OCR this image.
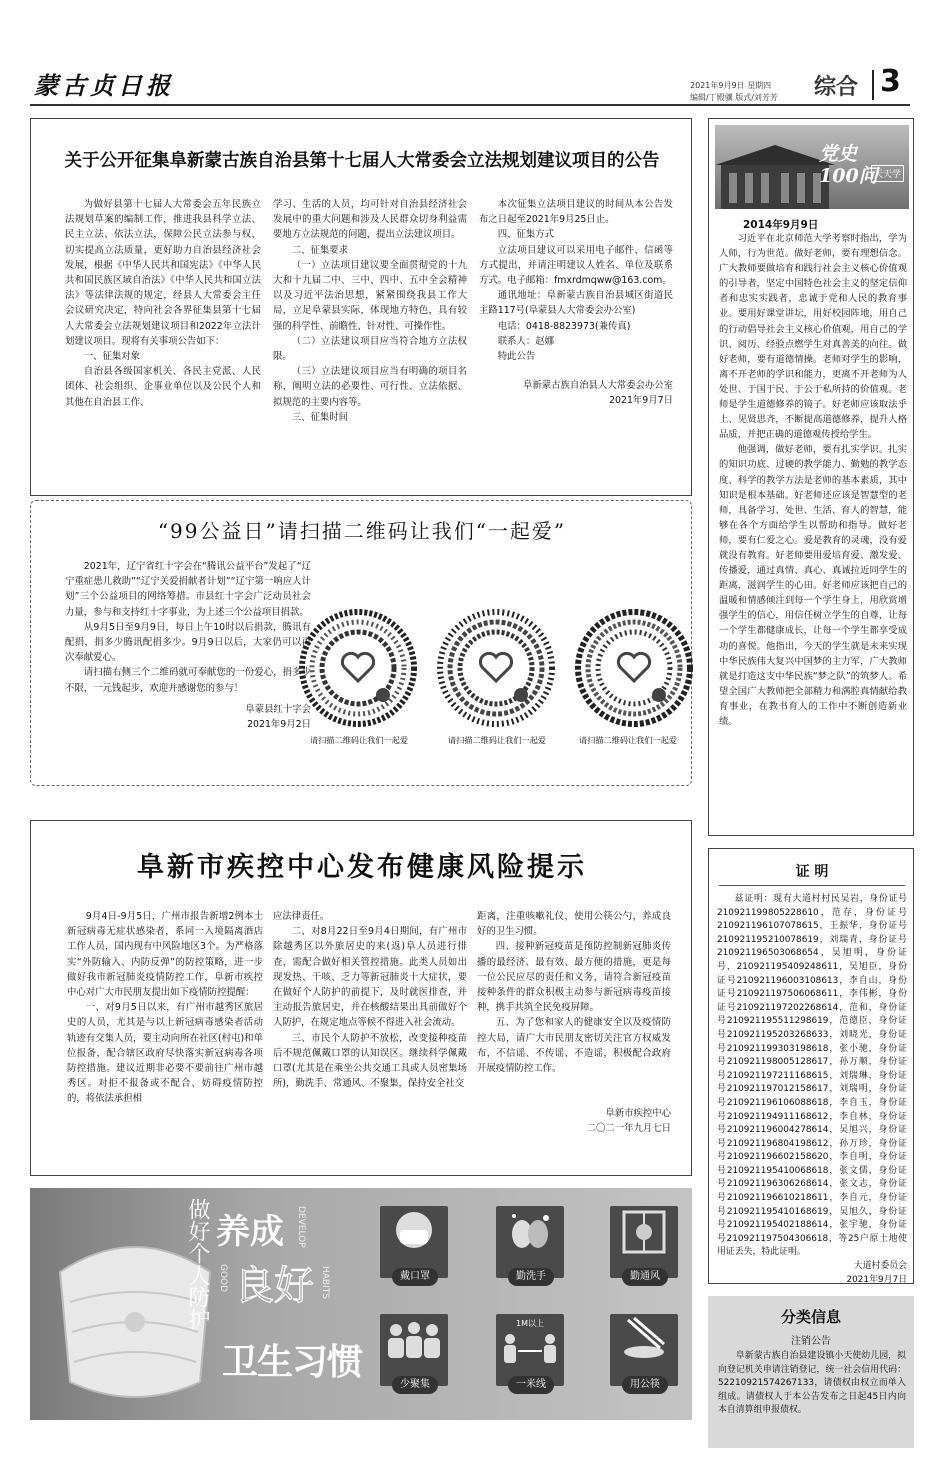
蒙古贞日报	2021年9月9日 星期四
编辑/丁殿骧 版式/刘芳芳 综合 3
关于公开征集阜新蒙古族自治县第十七届人大常委会立法规划建议项目的公告

为做好县第十七届人大常委会五年民族立法规划草案的编制工作，推进我县科学立法、民主立法、依法立法，保障公民立法参与权，切实提高立法质量，更好助力自治县经济社会发展，根据《中华人民共和国宪法》《中华人民共和国民族区域自治法》《中华人民共和国立法法》等法律法规的规定，经县人大常委会主任会议研究决定，特向社会各界征集县第十七届人大常委会立法规划建议项目和2022年立法计划建议项目。现将有关事项公告如下：

一、征集对象

自治县各级国家机关、各民主党派、人民团体、社会组织、企事业单位以及公民个人和其他在自治县工作、

学习、生活的人员，均可针对自治县经济社会发展中的重大问题和涉及人民群众切身利益需要地方立法规范的问题，提出立法建议项目。

二、征集要求

（一）立法项目建议要全面贯彻党的十九大和十九届二中、三中、四中、五中全会精神以及习近平法治思想，紧紧围绕我县工作大局，立足阜蒙县实际，体现地方特色，具有较强的科学性、前瞻性、针对性、可操作性。

（二）立法建议项目应当符合地方立法权限。

（三）立法建议项目应当有明确的项目名称，阐明立法的必要性、可行性、立法依据、拟规范的主要内容等。

三、征集时间

本次征集立法项目建议的时间从本公告发布之日起至2021年9月25日止。

四、征集方式

立法项目建议可以采用电子邮件、信函等方式提出，并请注明建议人姓名、单位及联系方式。电子邮箱：fmxrdmqww@163.com。

通讯地址：阜新蒙古族自治县城区街道民主路117号(阜蒙县人大常委会办公室)

电话：0418-8823973(兼传真)

联系人：赵娜

特此公告

阜新蒙古族自治县人大常委会办公室

2021年9月7日

“99公益日”请扫描二维码让我们“一起爱”

2021年，辽宁省红十字会在“腾讯公益平台”发起了“辽宁重症患儿救助”“辽宁关爱捐献者计划”“辽宁第一响应人计划”三个公益项目的网络筹措。市县红十字会广泛动员社会力量，参与和支持红十字事业，为上述三个公益项目捐款。

从9月5日至9月9日，每日上午10时以后捐款，腾讯有配捐，捐多少腾讯配捐多少。9月9日以后，大家仍可以再次奉献爱心。

请扫描右侧三个二维码就可奉献您的一份爱心，捐多少不限，一元钱起步，欢迎并感谢您的参与！

阜蒙县红十字会

2021年9月2日

请扫描二维码让我们一起爱	请扫描二维码让我们一起爱	请扫描二维码让我们一起爱
阜新市疾控中心发布健康风险提示

9月4日-9月5日，广州市报告新增2例本土新冠病毒无症状感染者，系同一入境隔离酒店工作人员，国内现有中风险地区3个。为严格落实“外防输入、内防反弹”的防控策略，进一步做好我市新冠肺炎疫情防控工作，阜新市疾控中心对广大市民朋友提出如下疫情防控提醒：

一、对9月5日以来，有广州市越秀区旅居史的人员，尤其是与以上新冠病毒感染者活动轨迹有交集人员，要主动向所在社区(村屯)和单位报备，配合辖区政府尽快落实新冠病毒各项防控措施。建议近期非必要不要前往广州市越秀区。对拒不报备或不配合、妨碍疫情防控的，将依法承担相

应法律责任。

二、对8月22日至9月4日期间，有广州市除越秀区以外旅居史的来(返)阜人员进行排查，需配合做好相关管控措施。此类人员如出现发热、干咳、乏力等新冠肺炎十大症状，要在做好个人防护的前提下，及时就医排查，并主动报告旅居史，并在核酸结果出具前做好个人防护，在规定地点等候不得进入社会流动。

三、市民个人防护不放松，改变接种疫苗后不规范佩戴口罩的认知误区。继续科学佩戴口罩(尤其是在乘坐公共交通工具或人员密集场所)，勤洗手、常通风、不聚集，保持安全社交

距离，注重咳嗽礼仪，使用公筷公勺，养成良好的卫生习惯。

四、接种新冠疫苗是预防控制新冠肺炎传播的最经济、最有效、最方便的措施，更是每一位公民应尽的责任和义务，请符合新冠疫苗接种条件的群众积极主动参与新冠病毒疫苗接种，携手共筑全民免疫屏障。

五、为了您和家人的健康安全以及疫情防控大局，请广大市民朋友密切关注官方权威发布，不信谣、不传谣、不造谣，积极配合政府开展疫情防控工作。

阜新市疾控中心

二〇二一年九月七日

做好个人防护 养成 DEVELOP
GOOD 良好 HABITS
卫生习惯
戴口罩	勤洗手	勤通风
少聚集
1M以上
一米线	用公筷
党史100问
天天学
2014年9月9日

习近平在北京师范大学考察时指出，学为人师，行为世范。做好老师，要有理想信念。广大教师要做培育和践行社会主义核心价值观的引导者，坚定中国特色社会主义的坚定信仰者和忠实实践者，忠诚于党和人民的教育事业。要用好课堂讲坛，用好校园阵地，用自己的行动倡导社会主义核心价值观，用自己的学识、阅历、经验点燃学生对真善美的向往。做好老师，要有道德情操。老师对学生的影响，离不开老师的学识和能力，更离不开老师为人处世、于国于民、于公于私所持的价值观。老师是学生道德修养的镜子。好老师应该取法乎上、见贤思齐，不断提高道德修养，提升人格品质，并把正确的道德观传授给学生。

他强调，做好老师，要有扎实学识。扎实的知识功底、过硬的教学能力、勤勉的教学态度、科学的教学方法是老师的基本素质，其中知识是根本基础。好老师还应该是智慧型的老师，具备学习、处世、生活、育人的智慧，能够在各个方面给学生以帮助和指导。做好老师，要有仁爱之心。爱是教育的灵魂，没有爱就没有教育。好老师要用爱培育爱、激发爱、传播爱，通过真情、真心、真诚拉近同学生的距离，滋润学生的心田。好老师应该把自己的温暖和情感倾注到每一个学生身上，用欣赏增强学生的信心，用信任树立学生的自尊，让每一个学生都健康成长，让每一个学生都享受成功的喜悦。他指出，今天的学生就是未来实现中华民族伟大复兴中国梦的主力军，广大教师就是打造这支中华民族“梦之队”的筑梦人。希望全国广大教师把全部精力和满腔真情献给教育事业，在教书育人的工作中不断创造新业绩。

证 明

兹证明：现有大道村村民吴岩，身份证号21092119980522861​0，范存，身份证号210921196107078615，王振华，身份证号210921195210078619，刘瑞青，身份证号210921196503068654，吴旭明，身份证号，210921195409248611，吴旭臣，身份证号210921196003108613，李自山，身份证号210921197506068611，李伟彬，身份证号210921197202268614，范和，身份证号210921195511298619，范德臣，身份证号210921195203268633，刘晓光，身份证号210921199303198618，张小驰，身份证号210921198005128617，孙万顺，身份证号210921197211168615，刘瑞琳，身份证号210921197012158617，刘瑞明，身份证号210921196106088618，李自玉，身份证号210921194911168612，李自林，身份证号210921196004278614，吴旭兴，身份证号210921196804198612，孙万珍，身份证号210921196602158620，李自明，身份证号210921195410068618，张文儒，身份证号210921196306268614，张文志，身份证号210921196610218611，李自元，身份证号210921195410168619，吴旭久，身份证号210921195402188614，张宇驰，身份证号210921197504306618，等25户原土地使用证丢失，特此证明。

大道村委员会

2021年9月7日

分类信息
注销公告

阜新蒙古族自治县建设镇小天使幼儿园，拟向登记机关申请注销登记，统一社会信用代码：52210921574267133，请债权由权立而单入组成。请债权人于本公告发布之日起45日内向本自清算组申报债权。
